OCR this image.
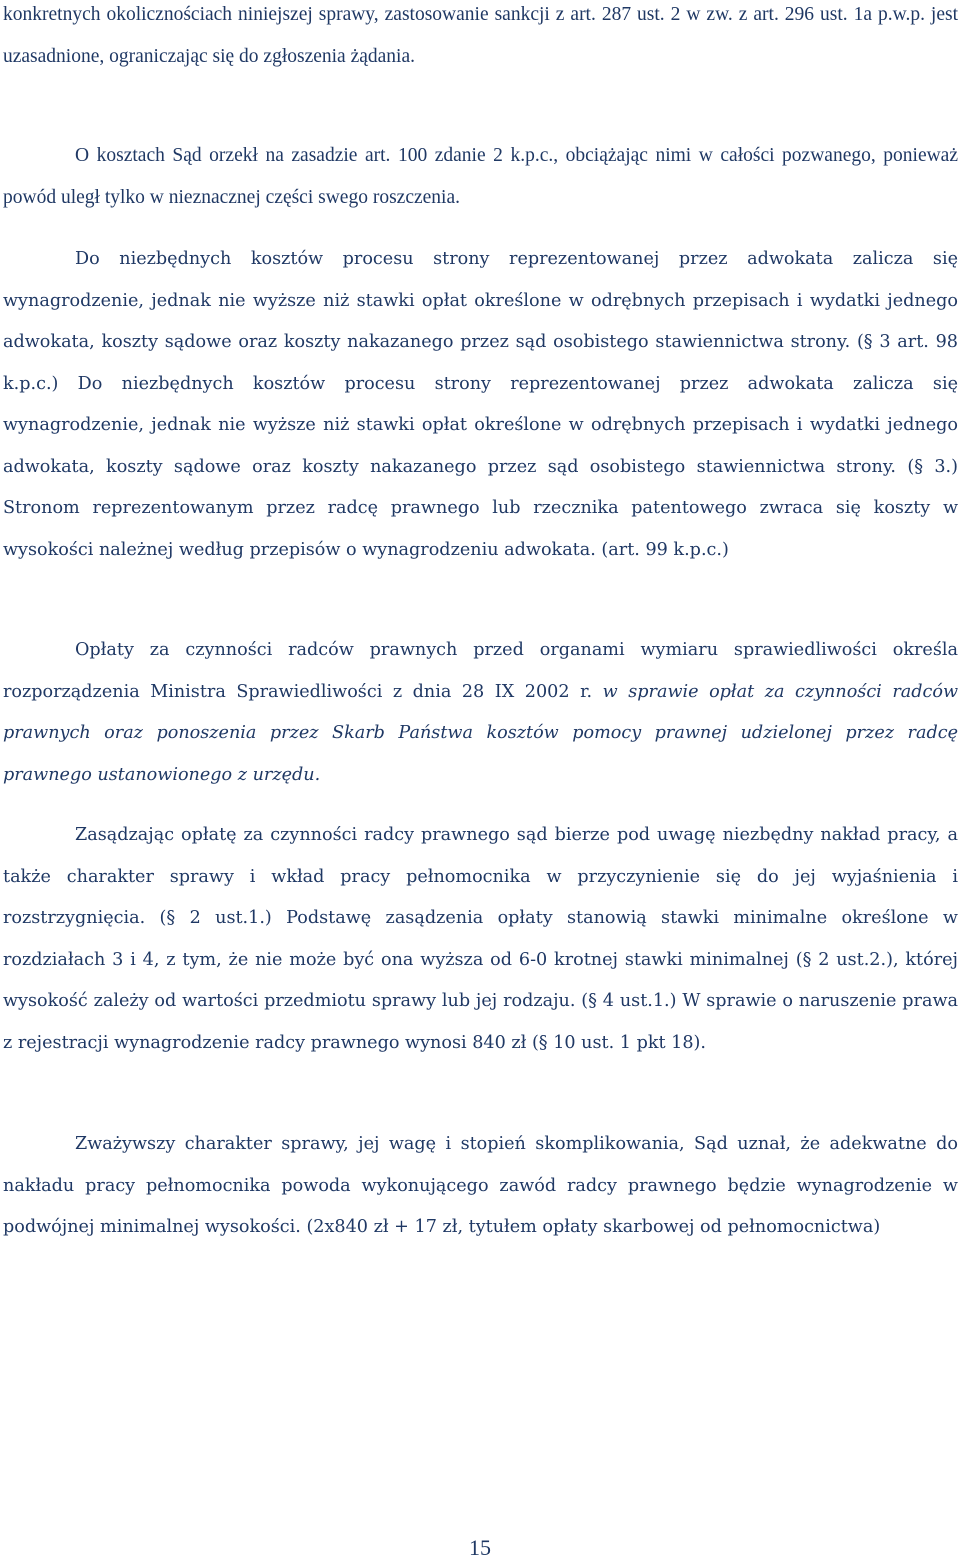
konkretnych okolicznościach niniejszej sprawy, zastosowanie sankcji z art. 287 ust. 2 w zw. z art. 296 ust. 1a p.w.p. jest uzasadnione, ograniczając się do zgłoszenia żądania.

O kosztach Sąd orzekł na zasadzie art. 100 zdanie 2 k.p.c., obciążając nimi w całości pozwanego, ponieważ powód uległ tylko w nieznacznej części swego roszczenia.

Do niezbędnych kosztów procesu strony reprezentowanej przez adwokata zalicza się wynagrodzenie, jednak nie wyższe niż stawki opłat określone w odrębnych przepisach i wydatki jednego adwokata, koszty sądowe oraz koszty nakazanego przez sąd osobistego stawiennictwa strony. (§ 3 art. 98 k.p.c.) Do niezbędnych kosztów procesu strony reprezentowanej przez adwokata zalicza się wynagrodzenie, jednak nie wyższe niż stawki opłat określone w odrębnych przepisach i wydatki jednego adwokata, koszty sądowe oraz koszty nakazanego przez sąd osobistego stawiennictwa strony. (§ 3.) Stronom reprezentowanym przez radcę prawnego lub rzecznika patentowego zwraca się koszty w wysokości należnej według przepisów o wynagrodzeniu adwokata. (art. 99 k.p.c.)

Opłaty za czynności radców prawnych przed organami wymiaru sprawiedliwości określa rozporządzenia Ministra Sprawiedliwości z dnia 28 IX 2002 r. w sprawie opłat za czynności radców prawnych oraz ponoszenia przez Skarb Państwa kosztów pomocy prawnej udzielonej przez radcę prawnego ustanowionego z urzędu.

Zasądzając opłatę za czynności radcy prawnego sąd bierze pod uwagę niezbędny nakład pracy, a także charakter sprawy i wkład pracy pełnomocnika w przyczynienie się do jej wyjaśnienia i rozstrzygnięcia. (§ 2 ust.1.) Podstawę zasądzenia opłaty stanowią stawki minimalne określone w rozdziałach 3 i 4, z tym, że nie może być ona wyższa od 6-0 krotnej stawki minimalnej (§ 2 ust.2.), której wysokość zależy od wartości przedmiotu sprawy lub jej rodzaju. (§ 4 ust.1.) W sprawie o naruszenie prawa z rejestracji wynagrodzenie radcy prawnego wynosi 840 zł (§ 10 ust. 1 pkt 18).

Zważywszy charakter sprawy, jej wagę i stopień skomplikowania, Sąd uznał, że adekwatne do nakładu pracy pełnomocnika powoda wykonującego zawód radcy prawnego będzie wynagrodzenie w podwójnej minimalnej wysokości. (2x840 zł + 17 zł, tytułem opłaty skarbowej od pełnomocnictwa)

15
